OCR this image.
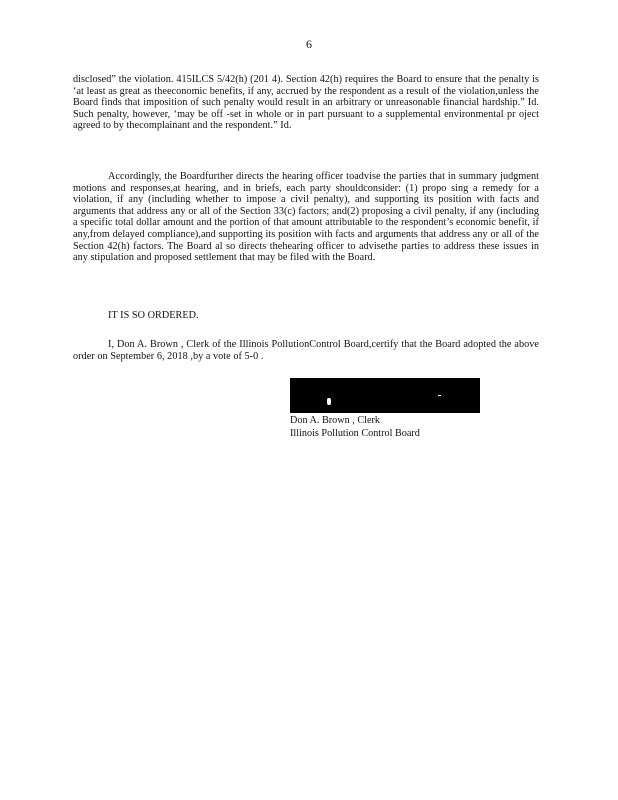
6

disclosed” the violation. 415ILCS 5/42(h) (201 4). Section 42(h) requires the Board to ensure that the penalty is ‘at least as great as theeconomic benefits, if any, accrued by the respondent as a result of the violation,unless the Board finds that imposition of such penalty would result in an arbitrary or unreasonable financial hardship.” Id. Such penalty, however, ‘may be off -set in whole or in part pursuant to a supplemental environmental pr oject agreed to by thecomplainant and the respondent.” Id.

Accordingly, the Boardfurther directs the hearing officer toadvise the parties that in summary judgment motions and responses,at hearing, and in briefs, each party shouldconsider: (1) propo sing a remedy for a violation, if any (including whether to impose a civil penalty), and supporting its position with facts and arguments that address any or all of the Section 33(c) factors; and(2) proposing a civil penalty, if any (including a specific total dollar amount and the portion of that amount attributable to the respondent’s economic benefit, if any,from delayed compliance),and supporting its position with facts and arguments that address any or all of the Section 42(h) factors. The Board al so directs thehearing officer to advisethe parties to address these issues in any stipulation and proposed settlement that may be filed with the Board.

IT IS SO ORDERED.

I, Don A. Brown , Clerk of the Illinois PollutionControl Board,certify that the Board adopted the above order on September 6, 2018 ,by a vote of 5-0 .

Don A. Brown , Clerk
Illinois Pollution Control Board
